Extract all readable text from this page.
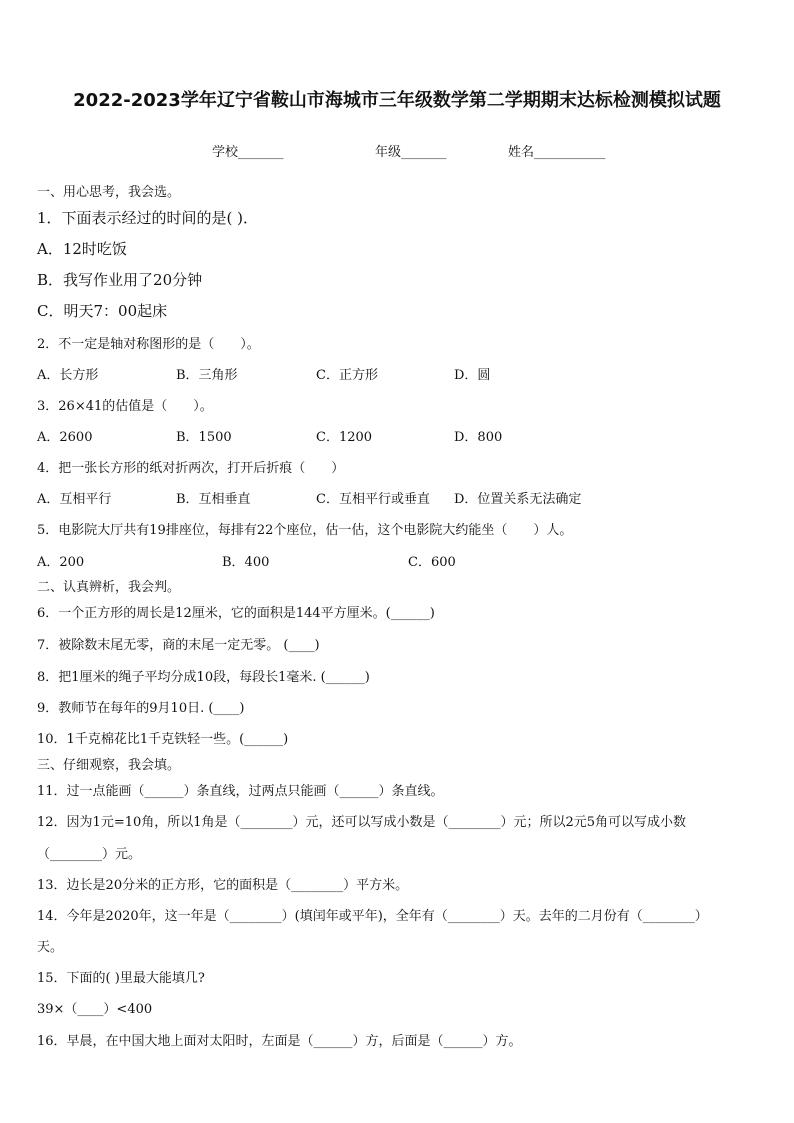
2022-2023学年辽宁省鞍山市海城市三年级数学第二学期期末达标检测模拟试题
学校_______	年级_______	姓名___________
一、用心思考，我会选。
1．下面表示经过的时间的是( )．
A．12时吃饭
B．我写作业用了20分钟
C．明天7：00起床
2．不一定是轴对称图形的是（　　）。
A．长方形	B．三角形	C．正方形	D．圆
3．26×41的估值是（　　）。
A．2600	B．1500	C．1200	D．800
4．把一张长方形的纸对折两次，打开后折痕（　　）
A．互相平行	B．互相垂直	C．互相平行或垂直 D．位置关系无法确定
5．电影院大厅共有19排座位，每排有22个座位，估一估，这个电影院大约能坐（　　）人。
A．200	B．400	C．600
二、认真辨析，我会判。
6．一个正方形的周长是12厘米，它的面积是144平方厘米。(______)
7．被除数末尾无零，商的末尾一定无零。 (____)
8．把1厘米的绳子平均分成10段，每段长1毫米. (______)
9．教师节在每年的9月10日. (____)
10．1千克棉花比1千克铁轻一些。(______)
三、仔细观察，我会填。
11．过一点能画（______）条直线，过两点只能画（______）条直线。
12．因为1元=10角，所以1角是（________）元，还可以写成小数是（________）元；所以2元5角可以写成小数
（________）元。
13．边长是20分米的正方形，它的面积是（________）平方米。
14．今年是2020年，这一年是（________）(填闰年或平年)，全年有（________）天。去年的二月份有（________）
天。
15．下面的( )里最大能填几?
39×（____）<400
16．早晨，在中国大地上面对太阳时，左面是（______）方，后面是（______）方。
